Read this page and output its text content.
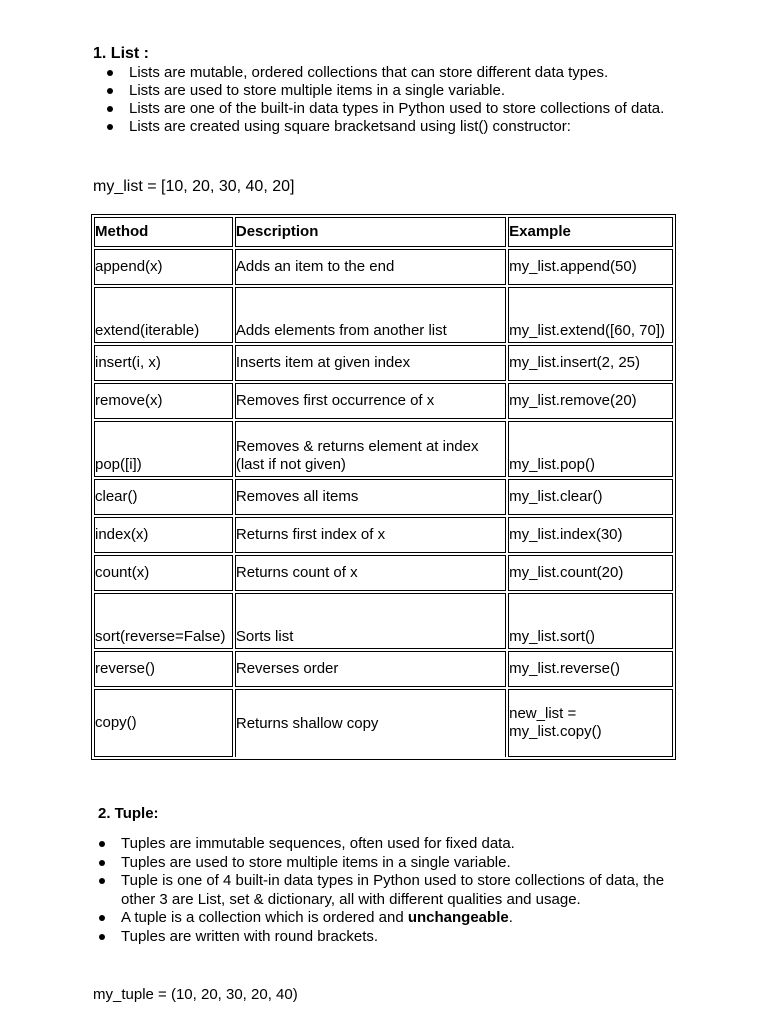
1. List :
Lists are mutable, ordered collections that can store different data types.
Lists are used to store multiple items in a single variable.
Lists are one of the built-in data types in Python used to store collections of data.
Lists are created using square bracketsand using list() constructor:
my_list = [10, 20, 30, 40, 20]
Method	Description	Example
append(x)	Adds an item to the end	my_list.append(50)
extend(iterable)	Adds elements from another list	my_list.extend([60, 70])
insert(i, x)	Inserts item at given index	my_list.insert(2, 25)
remove(x)	Removes first occurrence of x	my_list.remove(20)
pop([i])	Removes & returns element at index (last if not given)	my_list.pop()
clear()	Removes all items	my_list.clear()
index(x)	Returns first index of x	my_list.index(30)
count(x)	Returns count of x	my_list.count(20)
sort(reverse=False)	Sorts list	my_list.sort()
reverse()	Reverses order	my_list.reverse()
copy()	Returns shallow copy	new_list = my_list.copy()
2. Tuple:
Tuples are immutable sequences, often used for fixed data.
Tuples are used to store multiple items in a single variable.
Tuple is one of 4 built-in data types in Python used to store collections of data, the other 3 are List, set & dictionary, all with different qualities and usage.
A tuple is a collection which is ordered and unchangeable.
Tuples are written with round brackets.
my_tuple = (10, 20, 30, 20, 40)
